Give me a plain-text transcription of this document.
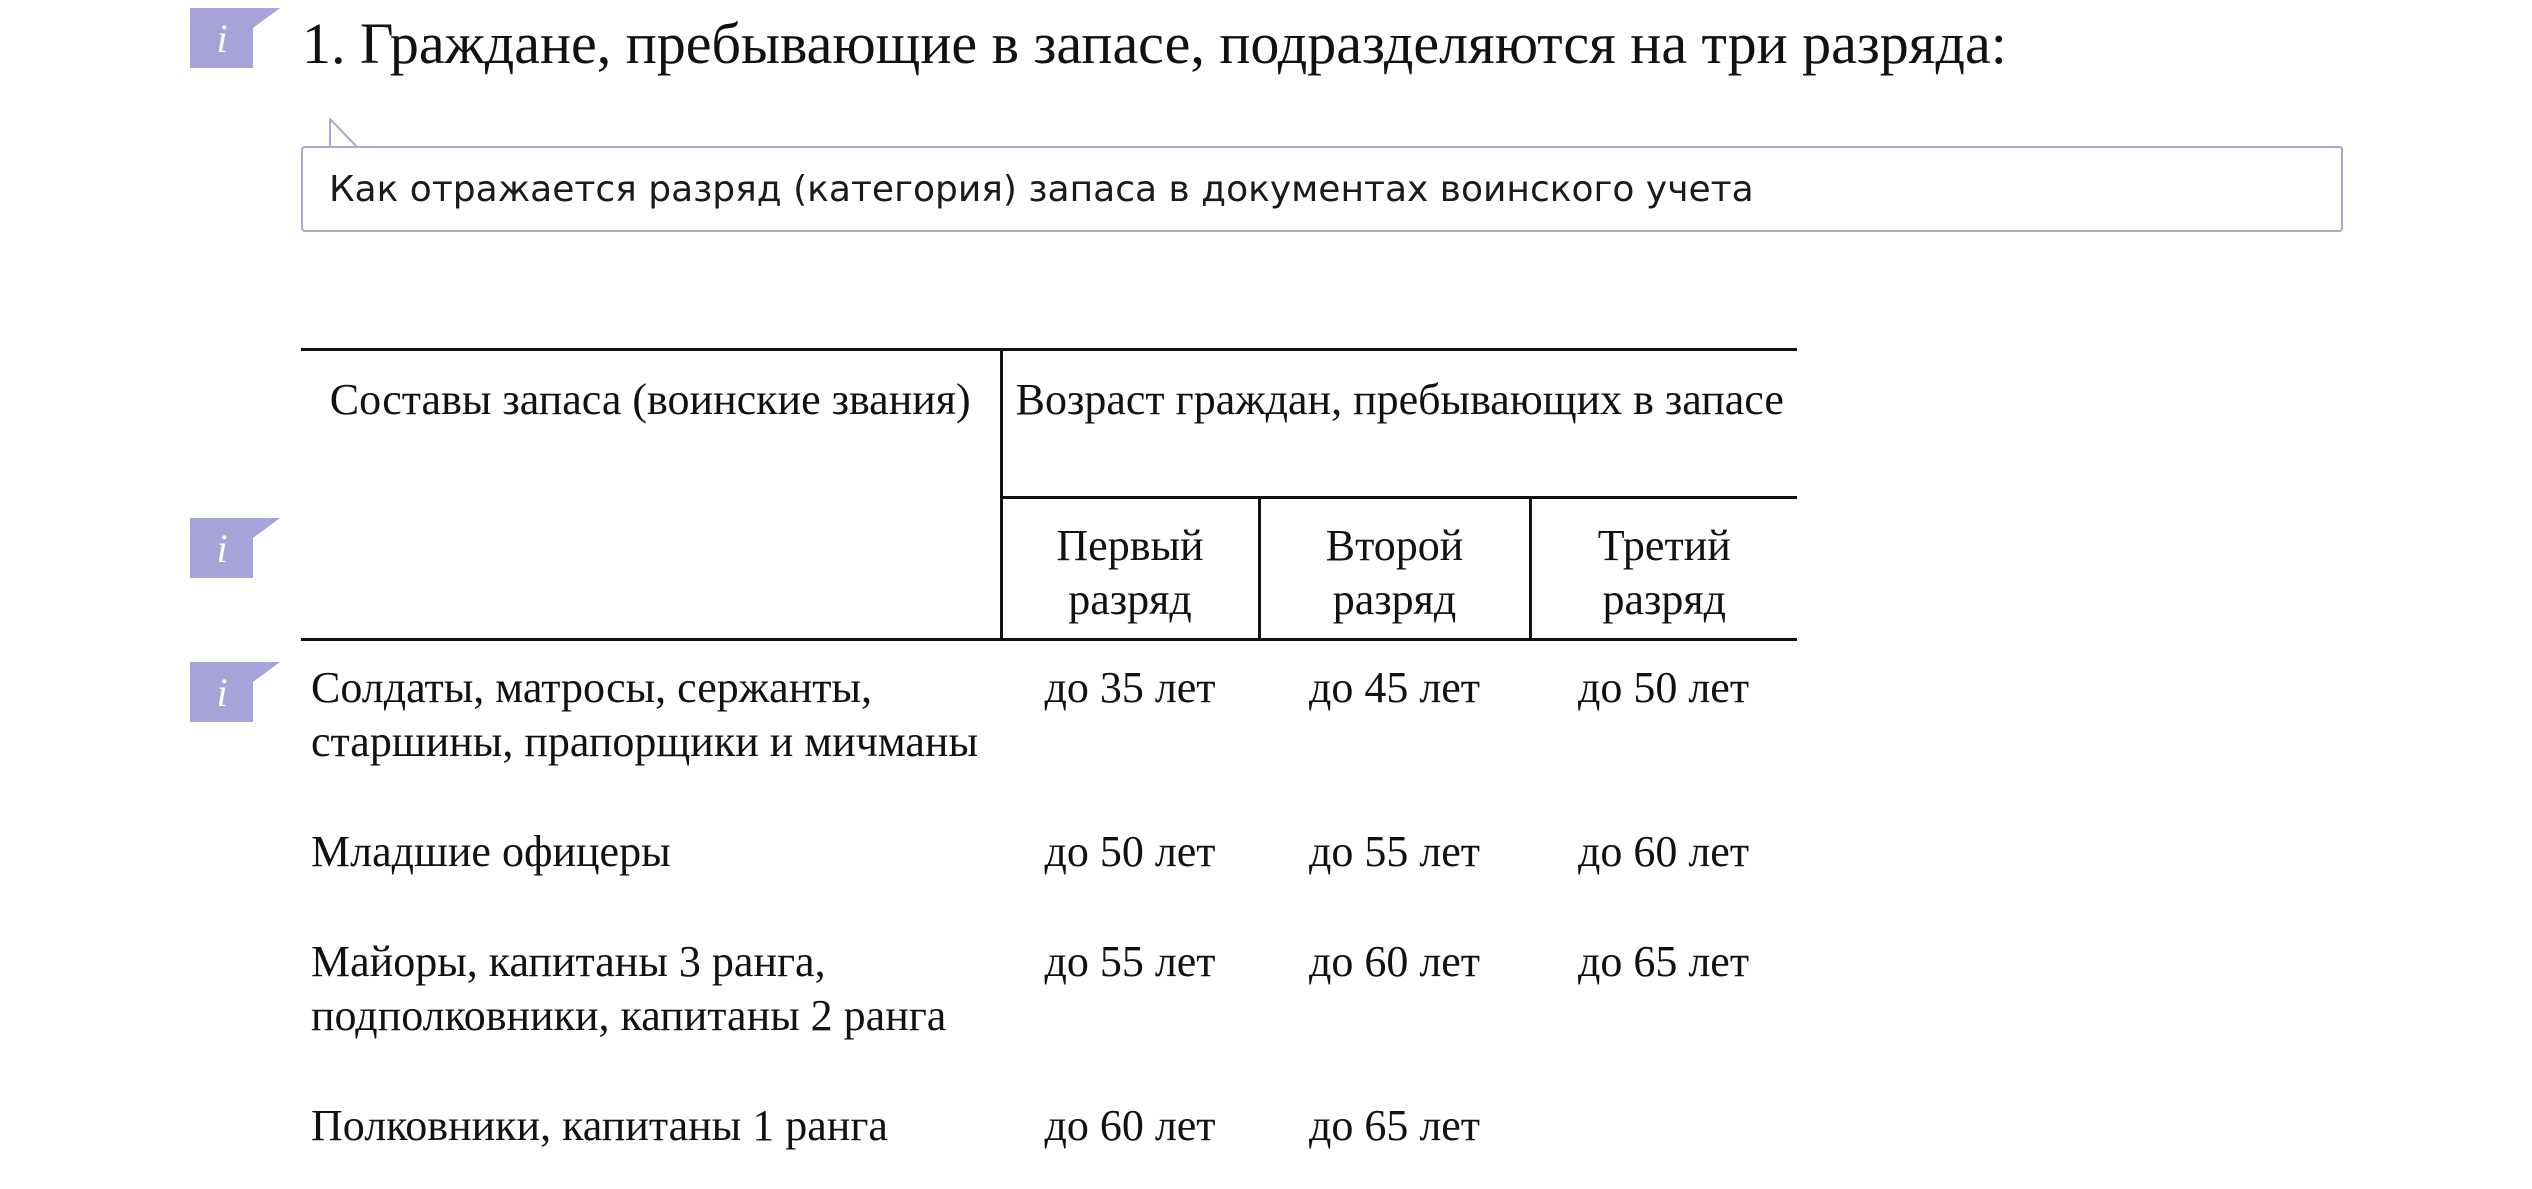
i
i
i
1. Граждане, пребывающие в запасе, подразделяются на три разряда:
Как отражается разряд (категория) запаса в документах воинского учета
Составы запаса (воинские звания)	Возраст граждан, пребывающих в запасе		
	Первый разряд	Второй разряд	Третий разряд
Солдаты, матросы, сержанты, старшины, прапорщики и мичманы	до 35 лет	до 45 лет	до 50 лет
Младшие офицеры	до 50 лет	до 55 лет	до 60 лет
Майоры, капитаны 3 ранга, подполковники, капитаны 2 ранга	до 55 лет	до 60 лет	до 65 лет
Полковники, капитаны 1 ранга	до 60 лет	до 65 лет	
